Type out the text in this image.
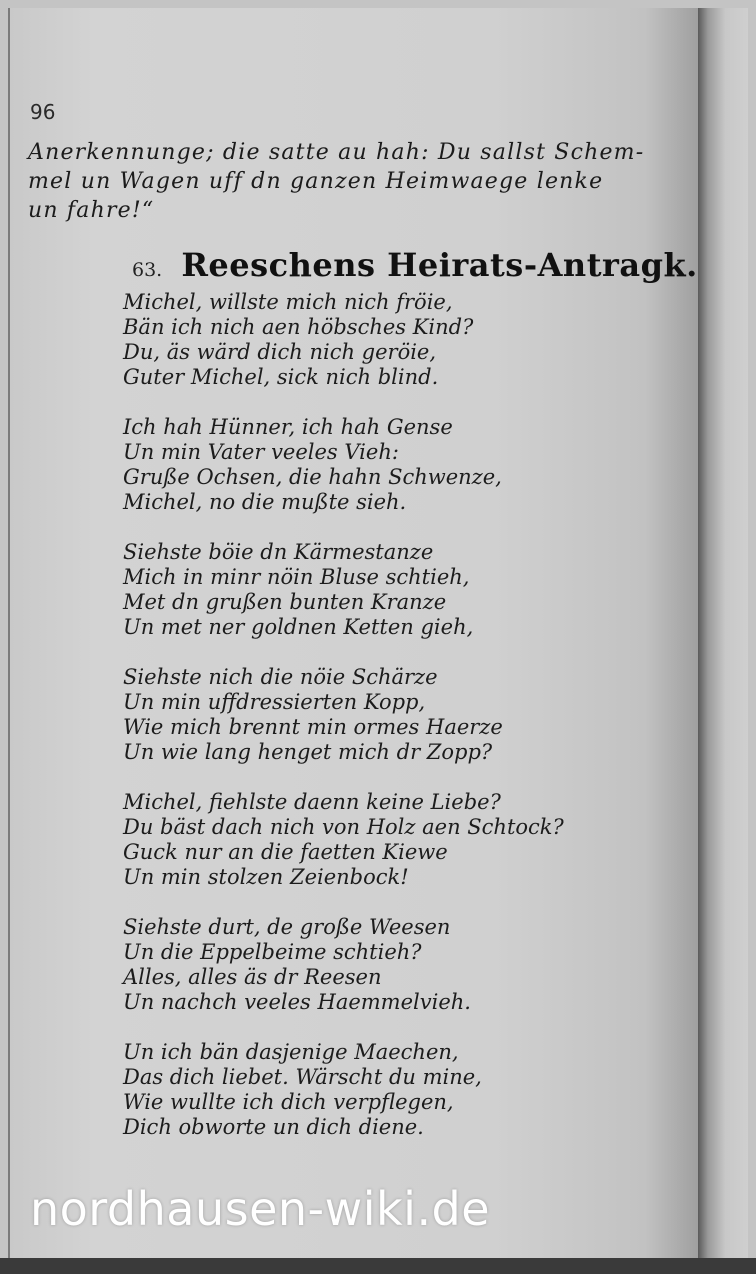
96
Anerkennunge; die satte au hah: Du sallst Schem-
mel un Wagen uff dn ganzen Heimwaege lenke
un fahre!“
63. Reeschens Heirats-Antragk.
Michel, willste mich nich fröie,
Bän ich nich aen höbsches Kind?
Du, äs wärd dich nich geröie,
Guter Michel, sick nich blind.
Ich hah Hünner, ich hah Gense
Un min Vater veeles Vieh:
Gruße Ochsen, die hahn Schwenze,
Michel, no die mußte sieh.
Siehste böie dn Kärmestanze
Mich in minr nöin Bluse schtieh,
Met dn grußen bunten Kranze
Un met ner goldnen Ketten gieh,
Siehste nich die nöie Schärze
Un min uffdressierten Kopp,
Wie mich brennt min ormes Haerze
Un wie lang henget mich dr Zopp?
Michel, fiehlste daenn keine Liebe?
Du bäst dach nich von Holz aen Schtock?
Guck nur an die faetten Kiewe
Un min stolzen Zeienbock!
Siehste durt, de große Weesen
Un die Eppelbeime schtieh?
Alles, alles äs dr Reesen
Un nachch veeles Haemmelvieh.
Un ich bän dasjenige Maechen,
Das dich liebet. Wärscht du mine,
Wie wullte ich dich verpflegen,
Dich obworte un dich diene.
nordhausen-wiki.de
